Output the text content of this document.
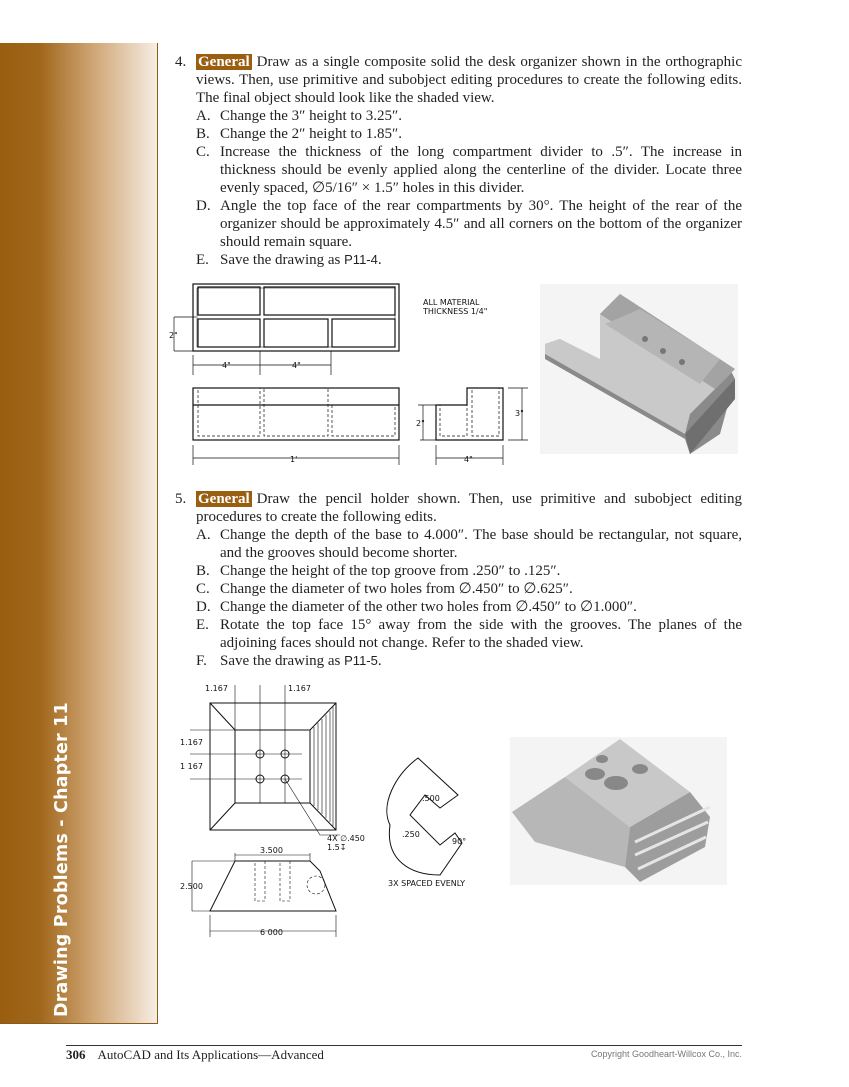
Drawing Problems - Chapter 11
4. General Draw as a single composite solid the desk organizer shown in the orthographic views. Then, use primitive and subobject editing procedures to create the following edits. The final object should look like the shaded view.
A. Change the 3″ height to 3.25″.
B. Change the 2″ height to 1.85″.
C. Increase the thickness of the long compartment divider to .5″. The increase in thickness should be evenly applied along the centerline of the divider. Locate three evenly spaced, ∅5/16″ × 1.5″ holes in this divider.
D. Angle the top face of the rear compartments by 30°. The height of the rear of the organizer should be approximately 4.5″ and all corners on the bottom of the organizer should remain square.
E. Save the drawing as P11-4.
2"
4"	4"
ALL MATERIAL
THICKNESS 1/4"
1'
2"
3"
4"
5. General Draw the pencil holder shown. Then, use primitive and subobject editing procedures to create the following edits.
A. Change the depth of the base to 4.000″. The base should be rectangular, not square, and the grooves should become shorter.
B. Change the height of the top groove from .250″ to .125″.
C. Change the diameter of two holes from ∅.450″ to ∅.625″.
D. Change the diameter of the other two holes from ∅.450″ to ∅1.000″.
E. Rotate the top face 15° away from the side with the grooves. The planes of the adjoining faces should not change. Refer to the shaded view.
F. Save the drawing as P11-5.
1.167	1.167
1.167
1 167
4X ∅.450
1.5↧
3.500
2.500
6 000
.500
.250
90°
3X SPACED EVENLY
306 AutoCAD and Its Applications—Advanced	Copyright Goodheart-Willcox Co., Inc.
